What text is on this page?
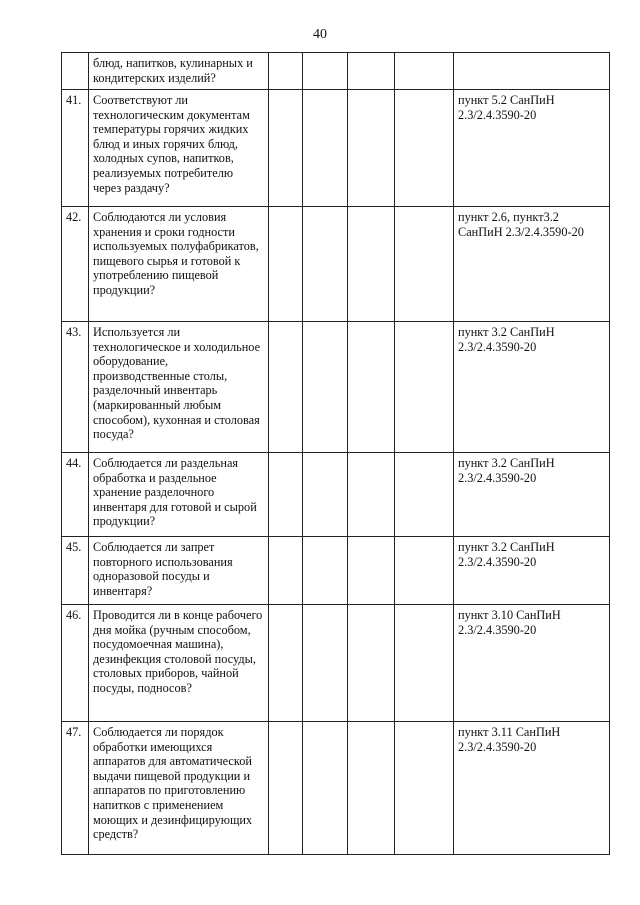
40
	блюд, напитков, кулинарных и кондитерских изделий?					
41.	Соответствуют ли технологическим документам температуры горячих жидких блюд и иных горячих блюд, холодных супов, напитков, реализуемых потребителю через раздачу?					пункт 5.2 СанПиН 2.3/2.4.3590-20
42.	Соблюдаются ли условия хранения и сроки годности используемых полуфабрикатов, пищевого сырья и готовой к употреблению пищевой продукции?					пункт 2.6, пункт3.2 СанПиН 2.3/2.4.3590-20
43.	Используется ли технологическое и холодильное оборудование, производственные столы, разделочный инвентарь (маркированный любым способом), кухонная и столовая посуда?					пункт 3.2 СанПиН 2.3/2.4.3590-20
44.	Соблюдается ли раздельная обработка и раздельное хранение разделочного инвентаря для готовой и сырой продукции?					пункт 3.2 СанПиН 2.3/2.4.3590-20
45.	Соблюдается ли запрет повторного использования одноразовой посуды и инвентаря?					пункт 3.2 СанПиН 2.3/2.4.3590-20
46.	Проводится ли в конце рабочего дня мойка (ручным способом, посудомоечная машина), дезинфекция столовой посуды, столовых приборов, чайной посуды, подносов?					пункт 3.10 СанПиН 2.3/2.4.3590-20
47.	Соблюдается ли порядок обработки имеющихся аппаратов для автоматической выдачи пищевой продукции и аппаратов по приготовлению напитков с применением моющих и дезинфицирующих средств?					пункт 3.11 СанПиН 2.3/2.4.3590-20
